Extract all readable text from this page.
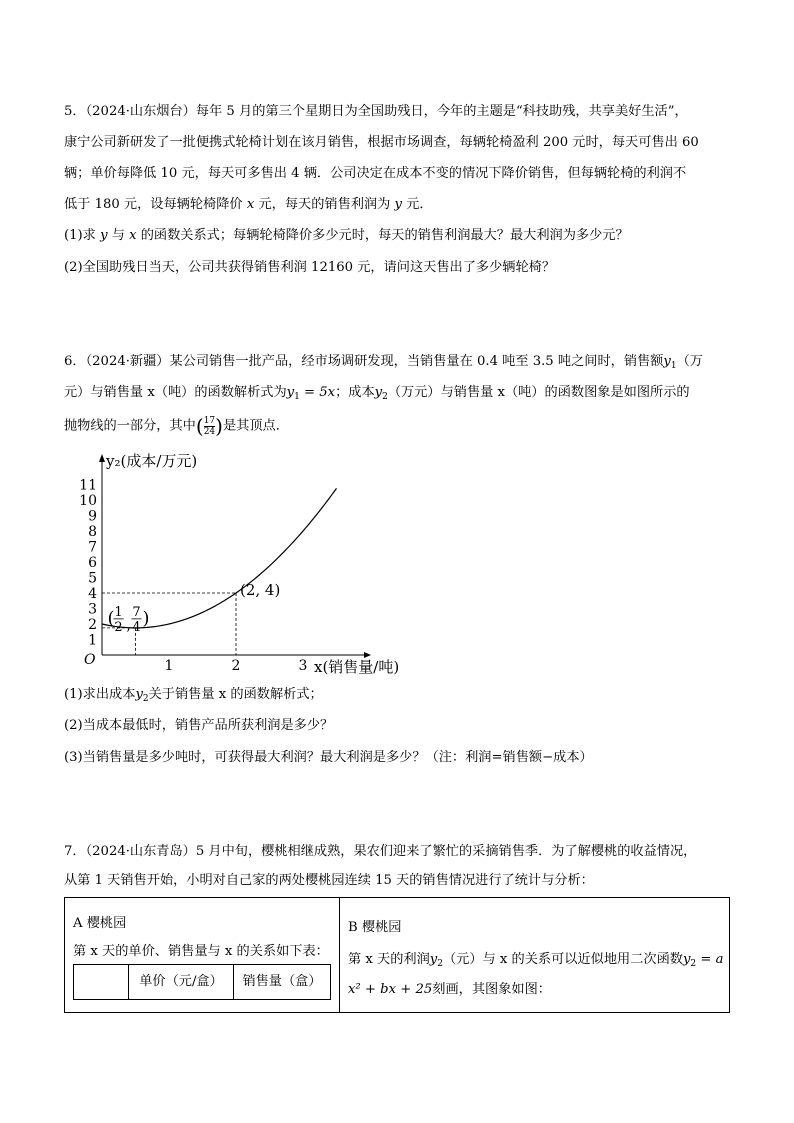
5．（2024·山东烟台）每年 5 月的第三个星期日为全国助残日，今年的主题是“科技助残，共享美好生活”，
康宁公司新研发了一批便携式轮椅计划在该月销售，根据市场调查，每辆轮椅盈利 200 元时，每天可售出 60
辆；单价每降低 10 元，每天可多售出 4 辆．公司决定在成本不变的情况下降价销售，但每辆轮椅的利润不
低于 180 元，设每辆轮椅降价 x 元，每天的销售利润为 y 元．
(1)求 y 与 x 的函数关系式；每辆轮椅降价多少元时，每天的销售利润最大？最大利润为多少元？
(2)全国助残日当天，公司共获得销售利润 12160 元，请问这天售出了多少辆轮椅？
6．（2024·新疆）某公司销售一批产品，经市场调研发现，当销售量在 0.4 吨至 3.5 吨之间时，销售额$y_1$（万
元）与销售量 x（吨）的函数解析式为$y_1 = 5x$；成本$y_2$（万元）与销售量 x（吨）的函数图象是如图所示的
抛物线的一部分，其中( $\frac{1}{2} \frac{7}{4}$ )是其顶点．
y₂(成本/万元)
x(销售量/吨)
O
1
2
3
4
5
6
7
8
9
10
11
1	2	3
(2, 4)
( 1
2 ,
7
4 )
(1)求出成本$y_2$关于销售量 x 的函数解析式；
(2)当成本最低时，销售产品所获利润是多少？
(3)当销售量是多少吨时，可获得最大利润？最大利润是多少？（注：利润=销售额−成本）
7．（2024·山东青岛）5 月中旬，樱桃相继成熟，果农们迎来了繁忙的采摘销售季．为了解樱桃的收益情况，
从第 1 天销售开始，小明对自己家的两处樱桃园连续 15 天的销售情况进行了统计与分析：
A 樱桃园
第 x 天的单价、销售量与 x 的关系如下表：
单价（元/盒）	销售量（盒）
B 樱桃园
第 x 天的利润$y_2$（元）与 x 的关系可以近似地用二次函数$y_2 = a$
x² + bx + 25刻画，其图象如图：
